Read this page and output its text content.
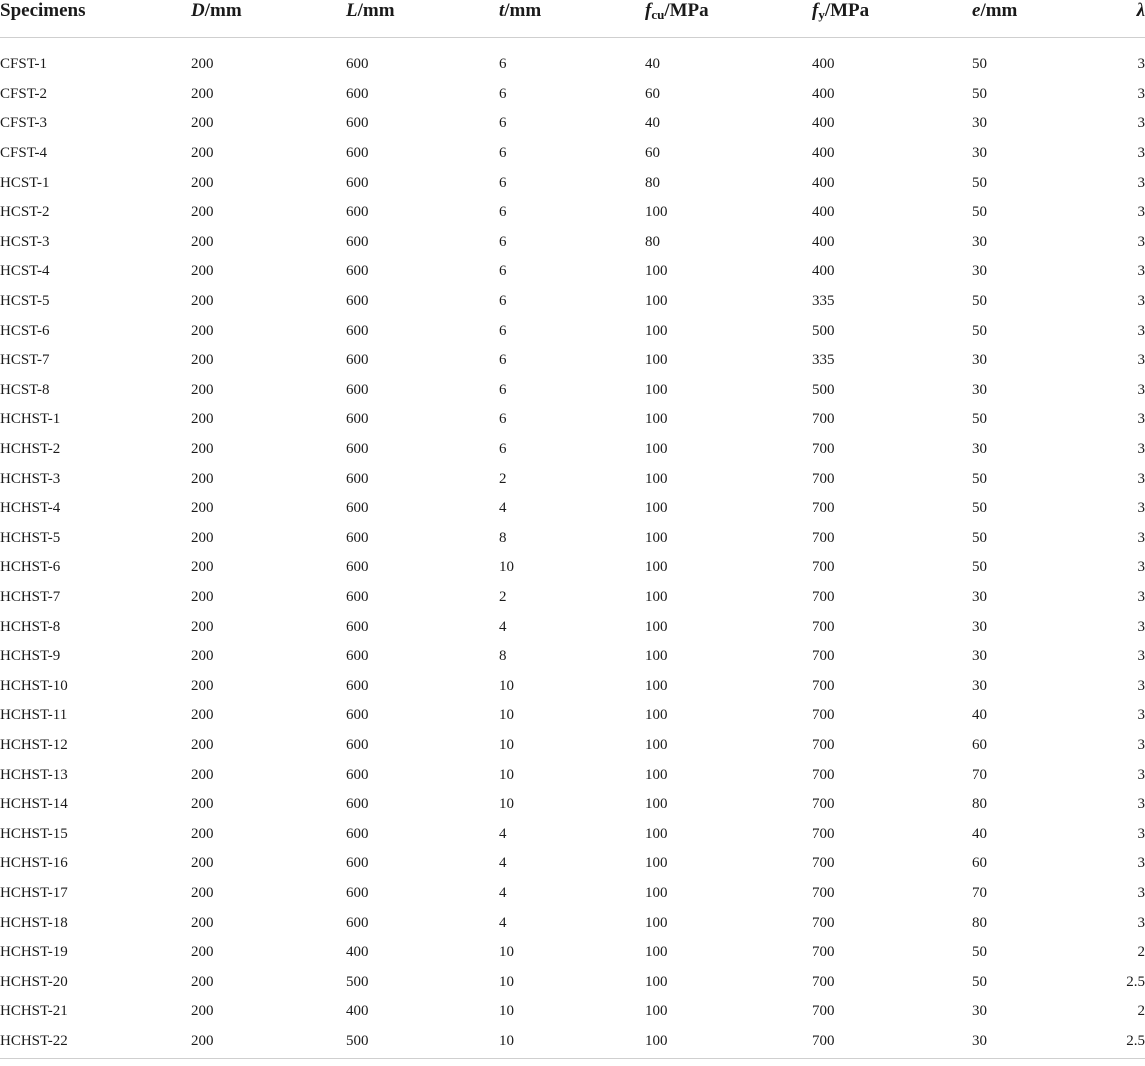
Specimens	D/mm	L/mm	t/mm	$f_{cu}$/MPa	$f_y$/MPa	e/mm	λ
CFST-1	200	600	6	40	400	50	3
CFST-2	200	600	6	60	400	50	3
CFST-3	200	600	6	40	400	30	3
CFST-4	200	600	6	60	400	30	3
HCST-1	200	600	6	80	400	50	3
HCST-2	200	600	6	100	400	50	3
HCST-3	200	600	6	80	400	30	3
HCST-4	200	600	6	100	400	30	3
HCST-5	200	600	6	100	335	50	3
HCST-6	200	600	6	100	500	50	3
HCST-7	200	600	6	100	335	30	3
HCST-8	200	600	6	100	500	30	3
HCHST-1	200	600	6	100	700	50	3
HCHST-2	200	600	6	100	700	30	3
HCHST-3	200	600	2	100	700	50	3
HCHST-4	200	600	4	100	700	50	3
HCHST-5	200	600	8	100	700	50	3
HCHST-6	200	600	10	100	700	50	3
HCHST-7	200	600	2	100	700	30	3
HCHST-8	200	600	4	100	700	30	3
HCHST-9	200	600	8	100	700	30	3
HCHST-10	200	600	10	100	700	30	3
HCHST-11	200	600	10	100	700	40	3
HCHST-12	200	600	10	100	700	60	3
HCHST-13	200	600	10	100	700	70	3
HCHST-14	200	600	10	100	700	80	3
HCHST-15	200	600	4	100	700	40	3
HCHST-16	200	600	4	100	700	60	3
HCHST-17	200	600	4	100	700	70	3
HCHST-18	200	600	4	100	700	80	3
HCHST-19	200	400	10	100	700	50	2
HCHST-20	200	500	10	100	700	50	2.5
HCHST-21	200	400	10	100	700	30	2
HCHST-22	200	500	10	100	700	30	2.5
